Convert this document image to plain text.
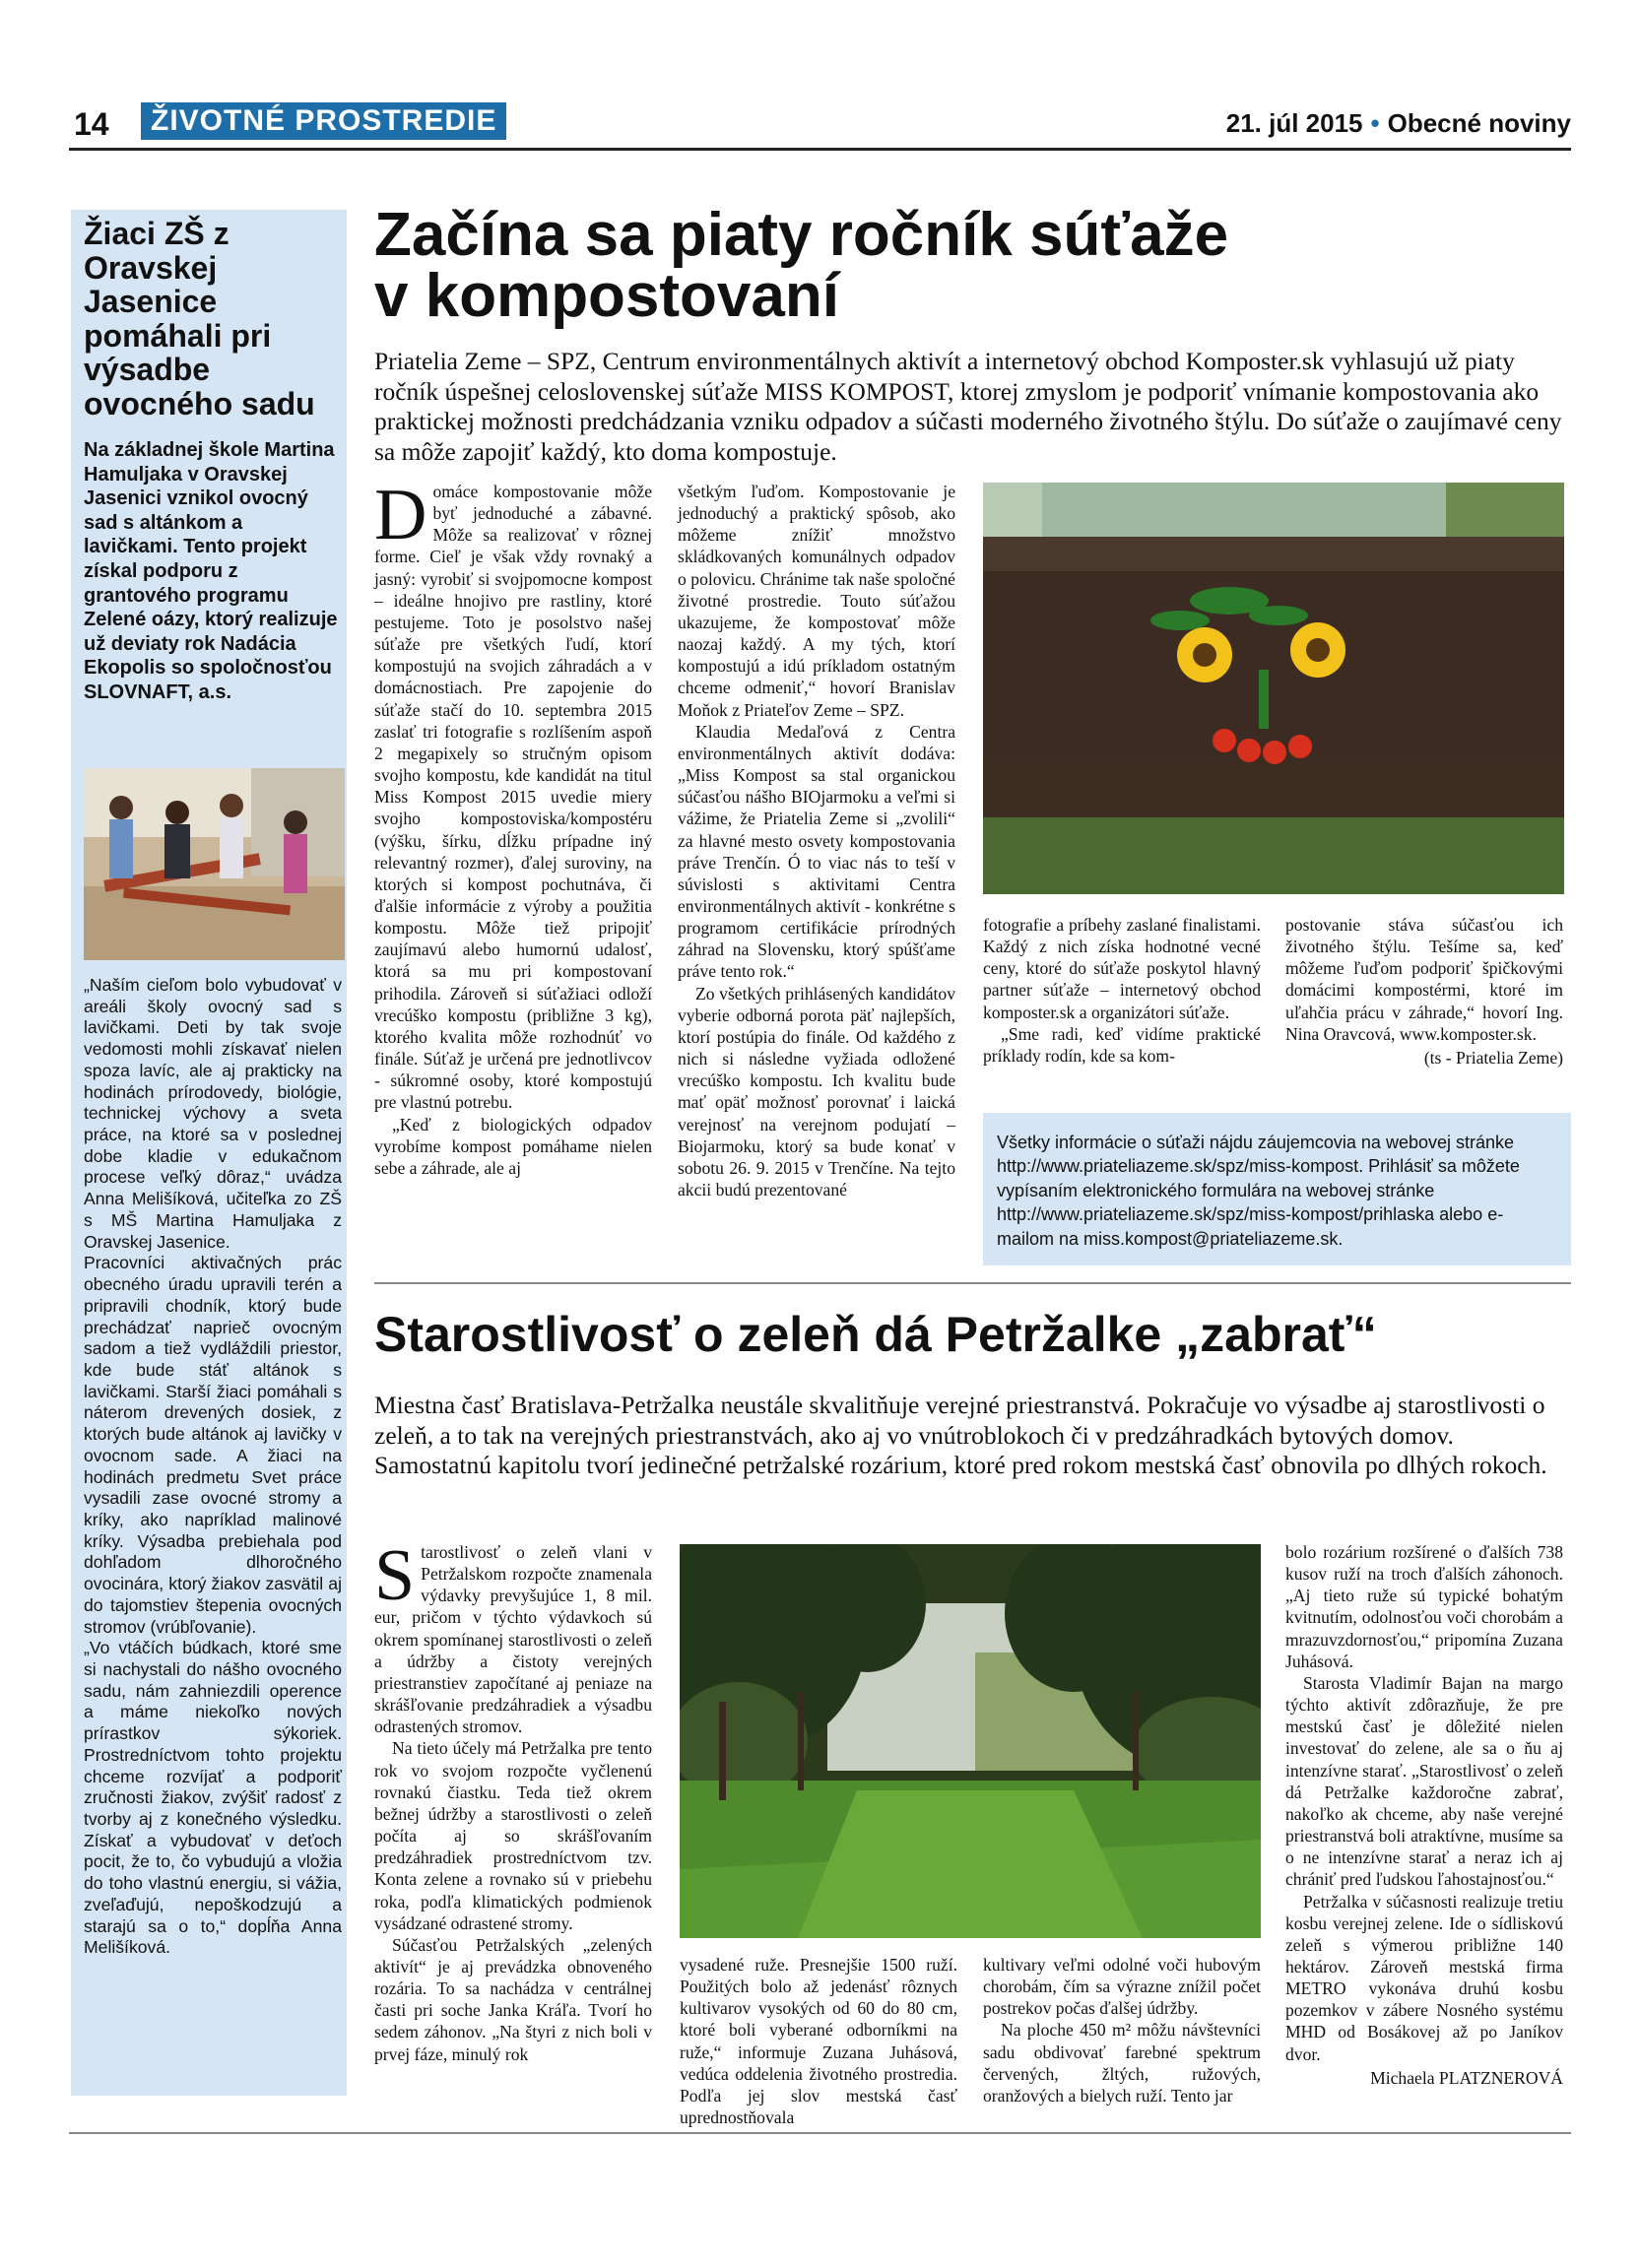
14	ŽIVOTNÉ PROSTREDIE	21. júl 2015 • Obecné noviny
Žiaci ZŠ z Oravskej Jasenice pomáhali pri výsadbe ovocného sadu
Na základnej škole Martina Hamuljaka v Oravskej Jasenici vznikol ovocný sad s altánkom a lavičkami. Tento projekt získal podporu z grantového programu Zelené oázy, ktorý realizuje už deviaty rok Nadácia Ekopolis so spoločnosťou SLOVNAFT, a.s.

„Naším cieľom bolo vybudovať v areáli školy ovocný sad s lavičkami. Deti by tak svoje vedomosti mohli získavať nielen spoza lavíc, ale aj prakticky na hodinách prírodovedy, biológie, technickej výchovy a sveta práce, na ktoré sa v poslednej dobe kladie v edukačnom procese veľký dôraz,“ uvádza Anna Melišíková, učiteľka zo ZŠ s MŠ Martina Hamuljaka z Oravskej Jasenice.

Pracovníci aktivačných prác obecného úradu upravili terén a pripravili chodník, ktorý bude prechádzať naprieč ovocným sadom a tiež vydláždili priestor, kde bude stáť altánok s lavičkami. Starší žiaci pomáhali s náterom drevených dosiek, z ktorých bude altánok aj lavičky v ovocnom sade. A žiaci na hodinách predmetu Svet práce vysadili zase ovocné stromy a kríky, ako napríklad malinové kríky. Výsadba prebiehala pod dohľadom dlhoročného ovocinára, ktorý žiakov zasvätil aj do tajomstiev štepenia ovocných stromov (vrúbľovanie).

„Vo vtáčích búdkach, ktoré sme si nachystali do nášho ovocného sadu, nám zahniezdili operence a máme niekoľko nových prírastkov sýkoriek. Prostredníctvom tohto projektu chceme rozvíjať a podporiť zručnosti žiakov, zvýšiť radosť z tvorby aj z konečného výsledku. Získať a vybudovať v deťoch pocit, že to, čo vybudujú a vložia do toho vlastnú energiu, si vážia, zveľaďujú, nepoškodzujú a starajú sa o to,“ dopĺňa Anna Melišíková.

Začína sa piaty ročník súťaže
v kompostovaní
Priatelia Zeme – SPZ, Centrum environmentálnych aktivít a internetový obchod Komposter.sk vyhlasujú už piaty ročník úspešnej celoslovenskej súťaže MISS KOMPOST, ktorej zmyslom je podporiť vnímanie kompostovania ako praktickej možnosti predchádzania vzniku odpadov a súčasti moderného životného štýlu. Do súťaže o zaujímavé ceny sa môže zapojiť každý, kto doma kompostuje.

Domáce kompostovanie môže byť jednoduché a zábavné. Môže sa realizovať v rôznej forme. Cieľ je však vždy rovnaký a jasný: vyrobiť si svojpomocne kompost – ideálne hnojivo pre rastliny, ktoré pestujeme. Toto je posolstvo našej súťaže pre všetkých ľudí, ktorí kompostujú na svojich záhradách a v domácnostiach. Pre zapojenie do súťaže stačí do 10. septembra 2015 zaslať tri fotografie s rozlíšením aspoň 2 megapixely so stručným opisom svojho kompostu, kde kandidát na titul Miss Kompost 2015 uvedie miery svojho kompostoviska/kompostéru (výšku, šírku, dĺžku prípadne iný relevantný rozmer), ďalej suroviny, na ktorých si kompost pochutnáva, či ďalšie informácie z výroby a použitia kompostu. Môže tiež pripojiť zaujímavú alebo humornú udalosť, ktorá sa mu pri kompostovaní prihodila. Zároveň si súťažiaci odloží vrecúško kompostu (približne 3 kg), ktorého kvalita môže rozhodnúť vo finále. Súťaž je určená pre jednotlivcov - súkromné osoby, ktoré kompostujú pre vlastnú potrebu.

„Keď z biologických odpadov vyrobíme kompost pomáhame nielen sebe a záhrade, ale aj

všetkým ľuďom. Kompostovanie je jednoduchý a praktický spôsob, ako môžeme znížiť množstvo skládkovaných komunálnych odpadov o polovicu. Chránime tak naše spoločné životné prostredie. Touto súťažou ukazujeme, že kompostovať môže naozaj každý. A my tých, ktorí kompostujú a idú príkladom ostatným chceme odmeniť,“ hovorí Branislav Moňok z Priateľov Zeme – SPZ.

Klaudia Medaľová z Centra environmentálnych aktivít dodáva: „Miss Kompost sa stal organickou súčasťou nášho BIOjarmoku a veľmi si vážime, že Priatelia Zeme si „zvolili“ za hlavné mesto osvety kompostovania práve Trenčín. Ó to viac nás to teší v súvislosti s aktivitami Centra environmentálnych aktivít - konkrétne s programom certifikácie prírodných záhrad na Slovensku, ktorý spúšťame práve tento rok.“

Zo všetkých prihlásených kandidátov vyberie odborná porota päť najlepších, ktorí postúpia do finále. Od každého z nich si následne vyžiada odložené vrecúško kompostu. Ich kvalitu bude mať opäť možnosť porovnať i laická verejnosť na verejnom podujatí – Biojarmoku, ktorý sa bude konať v sobotu 26. 9. 2015 v Trenčíne. Na tejto akcii budú prezentované

fotografie a príbehy zaslané finalistami. Každý z nich získa hodnotné vecné ceny, ktoré do súťaže poskytol hlavný partner súťaže – internetový obchod komposter.sk a organizátori súťaže.

„Sme radi, keď vidíme praktické príklady rodín, kde sa kom-

postovanie stáva súčasťou ich životného štýlu. Tešíme sa, keď môžeme ľuďom podporiť špičkovými domácimi kompostérmi, ktoré im uľahčia prácu v záhrade,“ hovorí Ing. Nina Oravcová, www.komposter.sk.

(ts - Priatelia Zeme)
Všetky informácie o súťaži nájdu záujemcovia na webovej stránke http://www.priateliazeme.sk/spz/miss-kompost. Prihlásiť sa môžete vypísaním elektronického formulára na webovej stránke http://www.priateliazeme.sk/spz/miss-kompost/prihlaska alebo e-mailom na miss.kompost@priateliazeme.sk.
Starostlivosť o zeleň dá Petržalke „zabrať“
Miestna časť Bratislava-Petržalka neustále skvalitňuje verejné priestranstvá. Pokračuje vo výsadbe aj starostlivosti o zeleň, a to tak na verejných priestranstvách, ako aj vo vnútroblokoch či v predzáhradkách bytových domov. Samostatnú kapitolu tvorí jedinečné petržalské rozárium, ktoré pred rokom mestská časť obnovila po dlhých rokoch.

Starostlivosť o zeleň vlani v Petržalskom rozpočte znamenala výdavky prevyšujúce 1, 8 mil. eur, pričom v týchto výdavkoch sú okrem spomínanej starostlivosti o zeleň a údržby a čistoty verejných priestranstiev započítané aj peniaze na skrášľovanie predzáhradiek a výsadbu odrastených stromov.

Na tieto účely má Petržalka pre tento rok vo svojom rozpočte vyčlenenú rovnakú čiastku. Teda tiež okrem bežnej údržby a starostlivosti o zeleň počíta aj so skrášľovaním predzáhradiek prostredníctvom tzv. Konta zelene a rovnako sú v priebehu roka, podľa klimatických podmienok vysádzané odrastené stromy.

Súčasťou Petržalských „zelených aktivít“ je aj prevádzka obnoveného rozária. To sa nachádza v centrálnej časti pri soche Janka Kráľa. Tvorí ho sedem záhonov. „Na štyri z nich boli v prvej fáze, minulý rok

vysadené ruže. Presnejšie 1500 ruží. Použitých bolo až jedenásť rôznych kultivarov vysokých od 60 do 80 cm, ktoré boli vyberané odborníkmi na ruže,“ informuje Zuzana Juhásová, vedúca oddelenia životného prostredia. Podľa jej slov mestská časť uprednostňovala

kultivary veľmi odolné voči hubovým chorobám, čím sa výrazne znížil počet postrekov počas ďalšej údržby.

Na ploche 450 m² môžu návštevníci sadu obdivovať farebné spektrum červených, žltých, ružových, oranžových a bielych ruží. Tento jar

bolo rozárium rozšírené o ďalších 738 kusov ruží na troch ďalších záhonoch. „Aj tieto ruže sú typické bohatým kvitnutím, odolnosťou voči chorobám a mrazuvzdornosťou,“ pripomína Zuzana Juhásová.

Starosta Vladimír Bajan na margo týchto aktivít zdôrazňuje, že pre mestskú časť je dôležité nielen investovať do zelene, ale sa o ňu aj intenzívne starať. „Starostlivosť o zeleň dá Petržalke každoročne zabrať, nakoľko ak chceme, aby naše verejné priestranstvá boli atraktívne, musíme sa o ne intenzívne starať a neraz ich aj chrániť pred ľudskou ľahostajnosťou.“

Petržalka v súčasnosti realizuje tretiu kosbu verejnej zelene. Ide o sídliskovú zeleň s výmerou približne 140 hektárov. Zároveň mestská firma METRO vykonáva druhú kosbu pozemkov v zábere Nosného systému MHD od Bosákovej až po Janíkov dvor.

Michaela PLATZNEROVÁ
